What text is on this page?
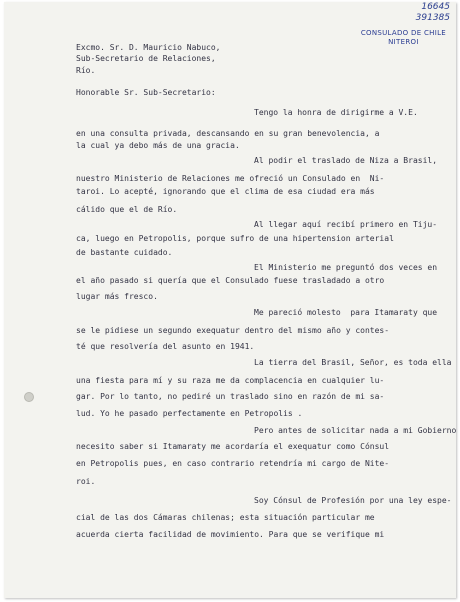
16645
391385
CONSULADO DE CHILE
NITEROI
Excmo. Sr. D. Mauricio Nabuco,
Sub-Secretario de Relaciones,
Río.
Honorable Sr. Sub-Secretario:
Tengo la honra de dirigirme a V.E.
en una consulta privada, descansando en su gran benevolencia, a
la cual ya debo más de una gracia.
Al podir el traslado de Niza a Brasil,
nuestro Ministerio de Relaciones me ofreció un Consulado en  Ni-
taroi. Lo acepté, ignorando que el clima de esa ciudad era más
cálido que el de Río.
Al llegar aquí recibí primero en Tiju-
ca, luego en Petropolis, porque sufro de una hipertension arterial
de bastante cuidado.
El Ministerio me preguntó dos veces en
el año pasado si quería que el Consulado fuese trasladado a otro
lugar más fresco.
Me pareció molesto  para Itamaraty que
se le pidiese un segundo exequatur dentro del mismo año y contes-
té que resolvería del asunto en 1941.
La tierra del Brasil, Señor, es toda ella
una fiesta para mí y su raza me da complacencia en cualquier lu-
gar. Por lo tanto, no pediré un traslado sino en razón de mi sa-
lud. Yo he pasado perfectamente en Petropolis .
Pero antes de solicitar nada a mi Gobierno
necesito saber si Itamaraty me acordaría el exequatur como Cónsul
en Petropolis pues, en caso contrario retendría mi cargo de Nite-
roi.
Soy Cónsul de Profesión por una ley espe-
cial de las dos Cámaras chilenas; esta situación particular me
acuerda cierta facilidad de movimiento. Para que se verifique mi
